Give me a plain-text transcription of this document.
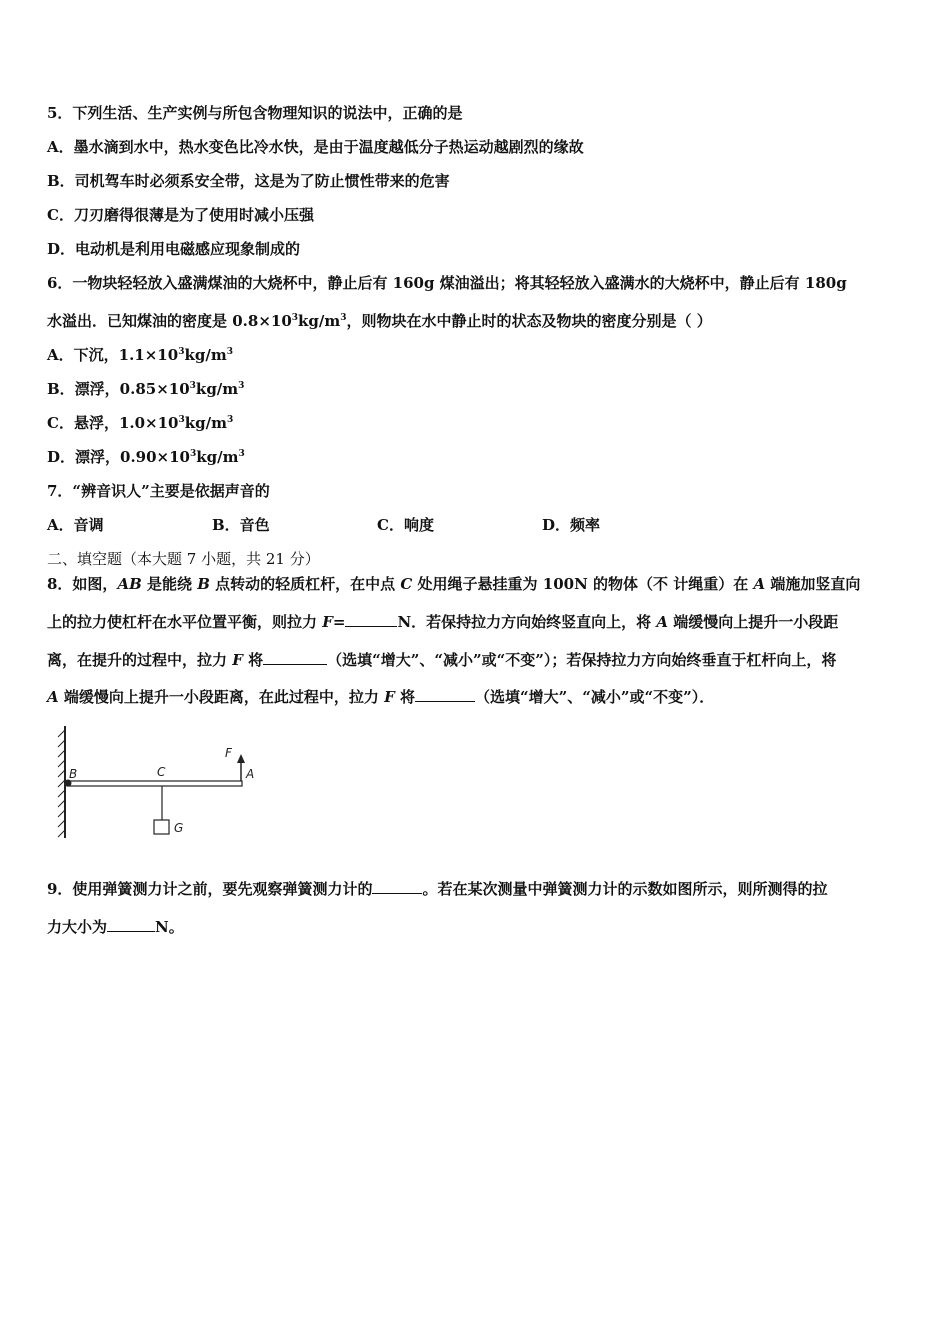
5．下列生活、生产实例与所包含物理知识的说法中，正确的是
A．墨水滴到水中，热水变色比冷水快，是由于温度越低分子热运动越剧烈的缘故
B．司机驾车时必须系安全带，这是为了防止惯性带来的危害
C．刀刃磨得很薄是为了使用时减小压强
D．电动机是利用电磁感应现象制成的
6．一物块轻轻放入盛满煤油的大烧杯中，静止后有 160g 煤油溢出；将其轻轻放入盛满水的大烧杯中，静止后有 180g
水溢出．已知煤油的密度是 $0.8\times 10^3kg/m^3$，则物块在水中静止时的状态及物块的密度分别是（ ）
A．下沉，$1.1\times 10^3kg/m^3$
B．漂浮，$0.85\times 10^3kg/m^3$
C．悬浮，$1.0\times 10^3kg/m^3$
D．漂浮，$0.90\times 10^3kg/m^3$
7．“辨音识人”主要是依据声音的
A．音调	B．音色	C．响度	D．频率
二、填空题（本大题 7 小题，共 21 分）
8．如图，AB 是能绕 B 点转动的轻质杠杆，在中点 C 处用绳子悬挂重为 100N 的物体（不 计绳重）在 A 端施加竖直向
上的拉力使杠杆在水平位置平衡，则拉力 F=	N．若保持拉力方向始终竖直向上，将 A 端缓慢向上提升一小段距
离，在提升的过程中，拉力 F 将	（选填“增大”、“减小”或“不变”）；若保持拉力方向始终垂直于杠杆向上，将
A 端缓慢向上提升一小段距离，在此过程中，拉力 F 将	（选填“增大”、“减小”或“不变”）．
F
B	C	A
G
9．使用弹簧测力计之前，要先观察弹簧测力计的	。若在某次测量中弹簧测力计的示数如图所示，则所测得的拉
力大小为	N。
